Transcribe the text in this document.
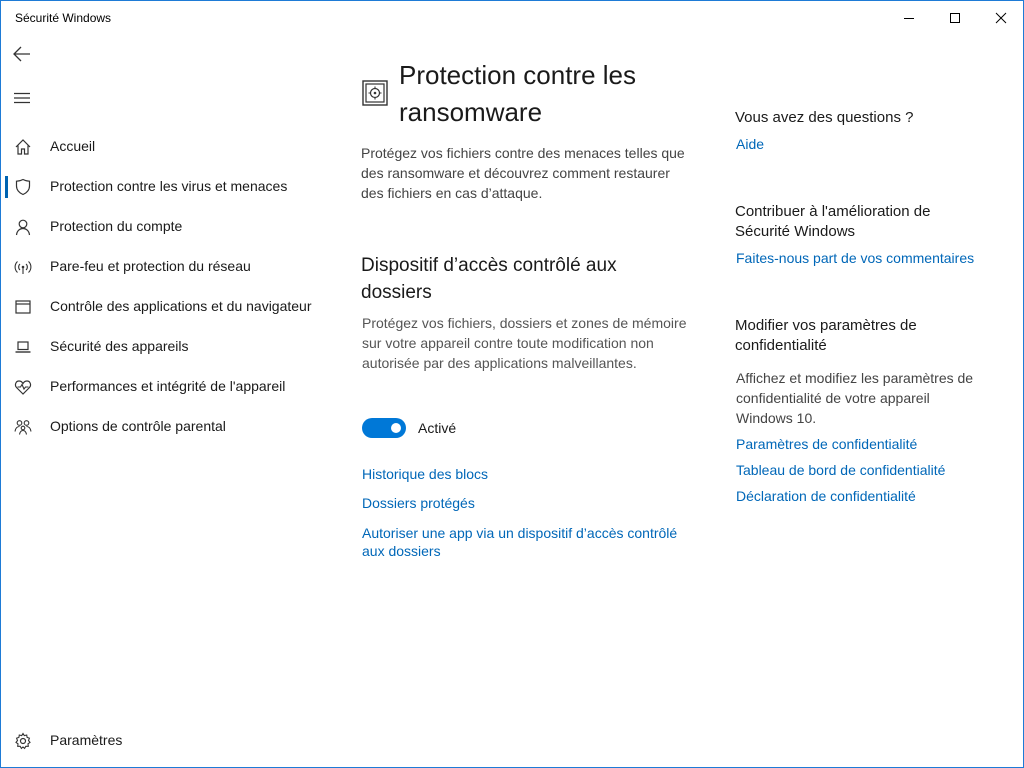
Sécurité Windows
Accueil
Protection contre les virus et menaces
Protection du compte
Pare-feu et protection du réseau
Contrôle des applications et du navigateur
Sécurité des appareils
Performances et intégrité de l'appareil
Options de contrôle parental
Paramètres
Protection contre les ransomware
Protégez vos fichiers contre des menaces telles que des ransomware et découvrez comment restaurer des fichiers en cas d’attaque.
Dispositif d’accès contrôlé aux dossiers
Protégez vos fichiers, dossiers et zones de mémoire sur votre appareil contre toute modification non autorisée par des applications malveillantes.
Activé
Historique des blocs
Dossiers protégés
Autoriser une app via un dispositif d’accès contrôlé aux dossiers
Vous avez des questions ?
Aide
Contribuer à l'amélioration de Sécurité Windows
Faites-nous part de vos commentaires
Modifier vos paramètres de confidentialité
Affichez et modifiez les paramètres de confidentialité de votre appareil Windows 10.
Paramètres de confidentialité
Tableau de bord de confidentialité
Déclaration de confidentialité
